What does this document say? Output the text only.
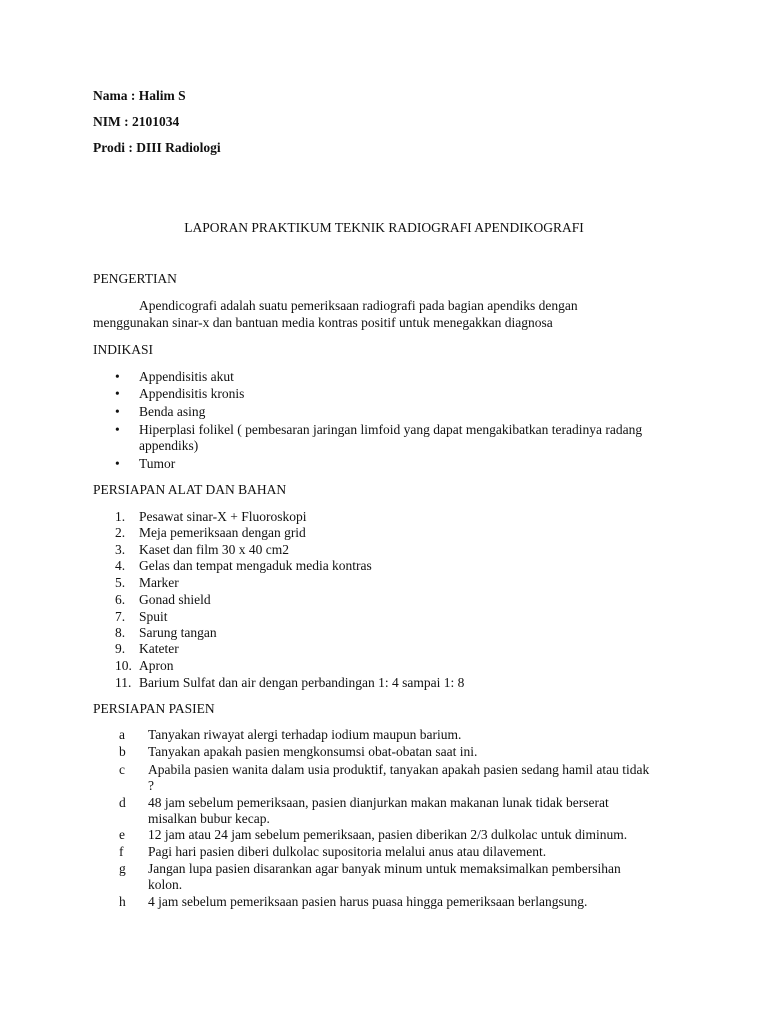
Nama : Halim S
NIM : 2101034
Prodi : DIII Radiologi
LAPORAN PRAKTIKUM TEKNIK RADIOGRAFI APENDIKOGRAFI
PENGERTIAN
Apendicografi adalah suatu pemeriksaan radiografi pada bagian apendiks dengan
menggunakan sinar-x dan bantuan media kontras positif untuk menegakkan diagnosa
INDIKASI
• Appendisitis akut
• Appendisitis kronis
• Benda asing
• Hiperplasi folikel ( pembesaran jaringan limfoid yang dapat mengakibatkan teradinya radang
appendiks)
• Tumor
PERSIAPAN ALAT DAN BAHAN
1. Pesawat sinar-X + Fluoroskopi
2. Meja pemeriksaan dengan grid
3. Kaset dan film 30 x 40 cm2
4. Gelas dan tempat mengaduk media kontras
5. Marker
6. Gonad shield
7. Spuit
8. Sarung tangan
9. Kateter
10. Apron
11. Barium Sulfat dan air dengan perbandingan 1: 4 sampai 1: 8
PERSIAPAN PASIEN
a Tanyakan riwayat alergi terhadap iodium maupun barium.
b Tanyakan apakah pasien mengkonsumsi obat-obatan saat ini.
c Apabila pasien wanita dalam usia produktif, tanyakan apakah pasien sedang hamil atau tidak
?
d 48 jam sebelum pemeriksaan, pasien dianjurkan makan makanan lunak tidak berserat
misalkan bubur kecap.
e 12 jam atau 24 jam sebelum pemeriksaan, pasien diberikan 2/3 dulkolac untuk diminum.
f Pagi hari pasien diberi dulkolac supositoria melalui anus atau dilavement.
g Jangan lupa pasien disarankan agar banyak minum untuk memaksimalkan pembersihan
kolon.
h 4 jam sebelum pemeriksaan pasien harus puasa hingga pemeriksaan berlangsung.
